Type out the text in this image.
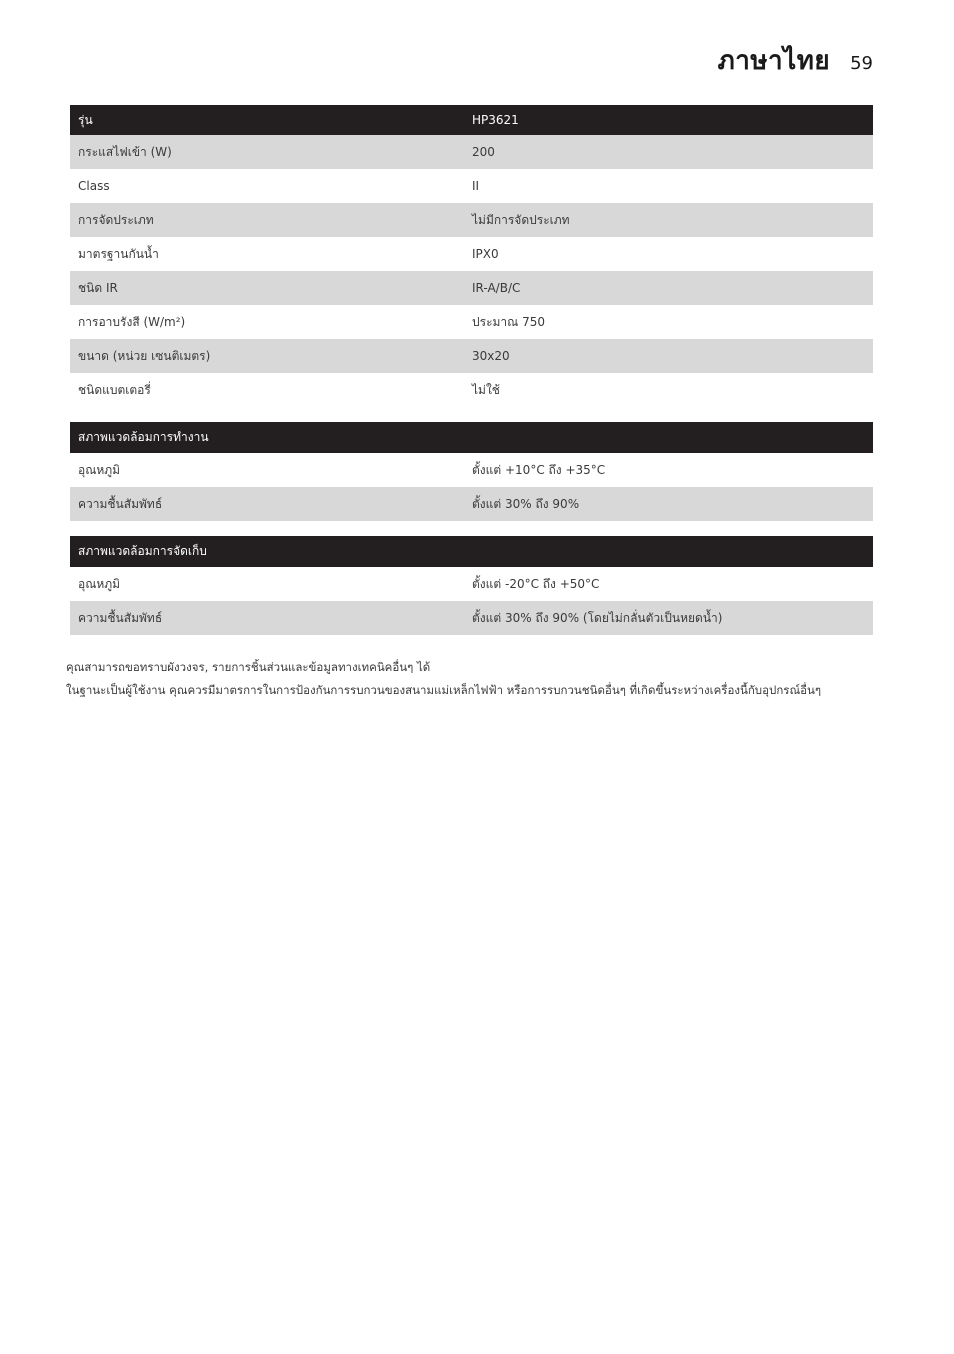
ภาษาไทย 59
รุ่น	HP3621
กระแสไฟเข้า (W)	200
Class	II
การจัดประเภท	ไม่มีการจัดประเภท
มาตรฐานกันน้ำ	IPX0
ชนิด IR	IR-A/B/C
การอาบรังสี (W/m²)	ประมาณ 750
ขนาด (หน่วย เซนติเมตร)	30x20
ชนิดแบตเตอรี่	ไม่ใช้
สภาพแวดล้อมการทำงาน
อุณหภูมิ	ตั้งแต่ +10°C ถึง +35°C
ความชื้นสัมพัทธ์	ตั้งแต่ 30% ถึง 90%
สภาพแวดล้อมการจัดเก็บ
อุณหภูมิ	ตั้งแต่ -20°C ถึง +50°C
ความชื้นสัมพัทธ์	ตั้งแต่ 30% ถึง 90% (โดยไม่กลั่นตัวเป็นหยดน้ำ)

คุณสามารถขอทราบผังวงจร, รายการชิ้นส่วนและข้อมูลทางเทคนิคอื่นๆ ได้

ในฐานะเป็นผู้ใช้งาน คุณควรมีมาตรการในการป้องกันการรบกวนของสนามแม่เหล็กไฟฟ้า หรือการรบกวนชนิดอื่นๆ ที่เกิดขึ้นระหว่างเครื่องนี้กับอุปกรณ์อื่นๆ
